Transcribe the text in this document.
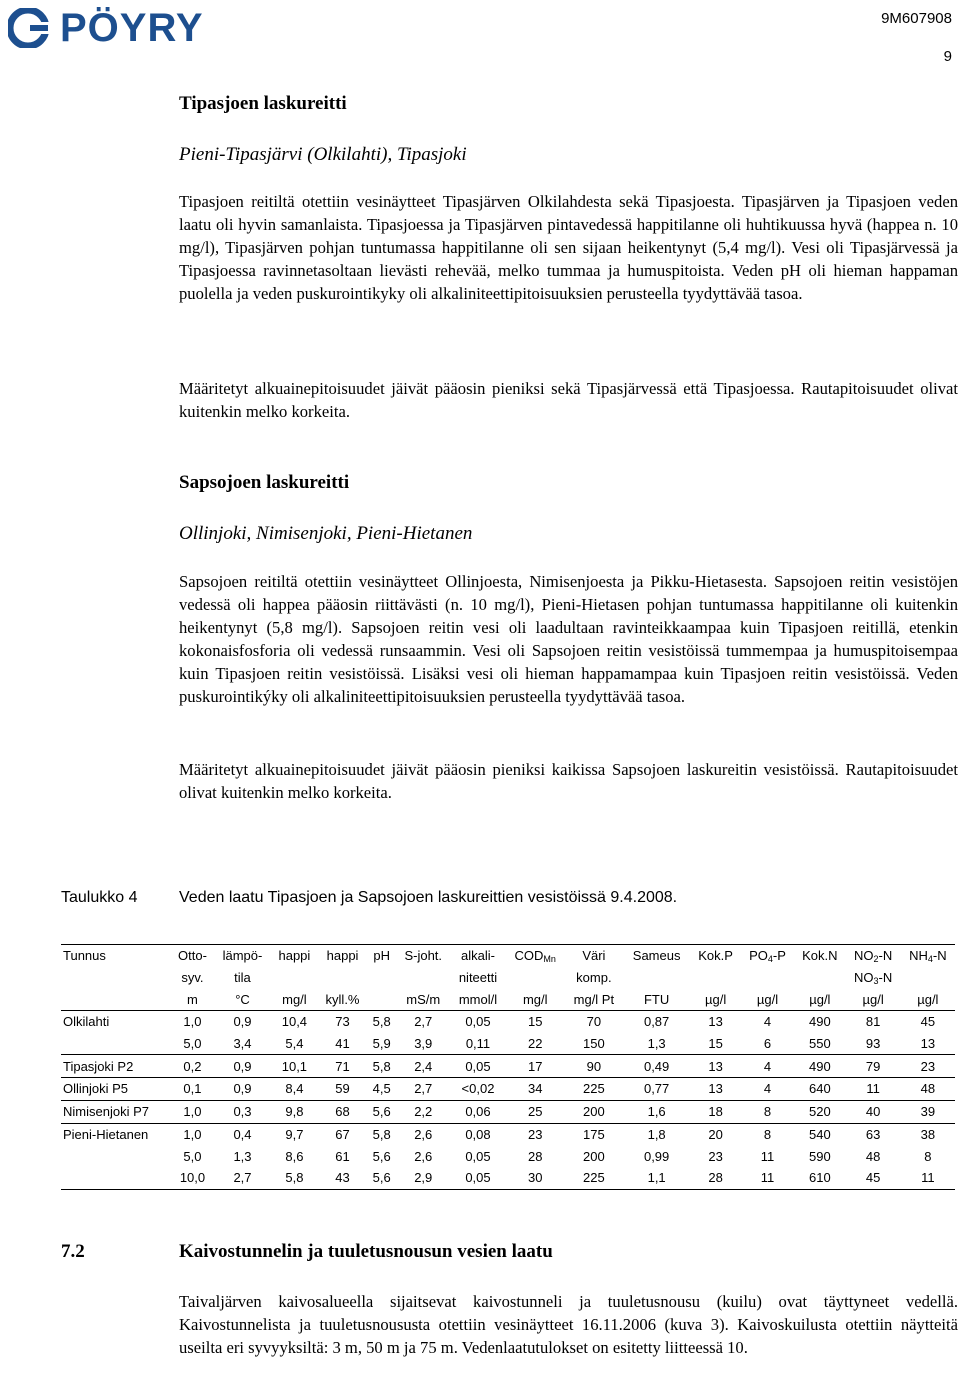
PÖYRY	9M607908
9
Tipasjoen laskureitti
Pieni-Tipasjärvi (Olkilahti), Tipasjoki

Tipasjoen reitiltä otettiin vesinäytteet Tipasjärven Olkilahdesta sekä Tipasjoesta. Tipasjärven ja Tipasjoen veden laatu oli hyvin samanlaista. Tipasjoessa ja Tipasjärven pintavedessä happitilanne oli huhtikuussa hyvä (happea n. 10 mg/l), Tipasjärven pohjan tuntumassa happitilanne oli sen sijaan heikentynyt (5,4 mg/l). Vesi oli Tipasjärvessä ja Tipasjoessa ravinnetasoltaan lievästi rehevää, melko tummaa ja humuspitoista. Veden pH oli hieman happaman puolella ja veden puskurointikyky oli alkaliniteettipitoisuuksien perusteella tyydyttävää tasoa.

Määritetyt alkuainepitoisuudet jäivät pääosin pieniksi sekä Tipasjärvessä että Tipasjoessa. Rautapitoisuudet olivat kuitenkin melko korkeita.

Sapsojoen laskureitti
Ollinjoki, Nimisenjoki, Pieni-Hietanen

Sapsojoen reitiltä otettiin vesinäytteet Ollinjoesta, Nimisenjoesta ja Pikku-Hietasesta. Sapsojoen reitin vesistöjen vedessä oli happea pääosin riittävästi (n. 10 mg/l), Pieni-Hietasen pohjan tuntumassa happitilanne oli kuitenkin heikentynyt (5,8 mg/l). Sapsojoen reitin vesi oli laadultaan ravinteikkaampaa kuin Tipasjoen reitillä, etenkin kokonaisfosforia oli vedessä runsaammin. Vesi oli Sapsojoen reitin vesistöissä tummempaa ja humuspitoisempaa kuin Tipasjoen reitin vesistöissä. Lisäksi vesi oli hieman happamampaa kuin Tipasjoen reitin vesistöissä. Veden puskurointikýky oli alkaliniteettipitoisuuksien perusteella tyydyttävää tasoa.

Määritetyt alkuainepitoisuudet jäivät pääosin pieniksi kaikissa Sapsojoen laskureitin vesistöissä. Rautapitoisuudet olivat kuitenkin melko korkeita.

Taulukko 4	Veden laatu Tipasjoen ja Sapsojoen laskureittien vesistöissä 9.4.2008.
Tunnus	Otto-	lämpö-	happi	happi	pH	S-joht.	alkali-	$COD_{Mn}$	Väri	Sameus	Kok.P	$PO_4-P$	Kok.N	$NO_2-N$	$NH_4-N$
	syv.	tila					niteetti		komp.					$NO_3-N$	
	m	°C	mg/l	kyll.%		mS/m	mmol/l	mg/l	mg/l Pt	FTU	µg/l	µg/l	µg/l	µg/l	µg/l
Olkilahti	1,0	0,9	10,4	73	5,8	2,7	0,05	15	70	0,87	13	4	490	81	45
	5,0	3,4	5,4	41	5,9	3,9	0,11	22	150	1,3	15	6	550	93	13
Tipasjoki P2	0,2	0,9	10,1	71	5,8	2,4	0,05	17	90	0,49	13	4	490	79	23
Ollinjoki P5	0,1	0,9	8,4	59	4,5	2,7	<0,02	34	225	0,77	13	4	640	11	48
Nimisenjoki P7	1,0	0,3	9,8	68	5,6	2,2	0,06	25	200	1,6	18	8	520	40	39
Pieni-Hietanen	1,0	0,4	9,7	67	5,8	2,6	0,08	23	175	1,8	20	8	540	63	38
	5,0	1,3	8,6	61	5,6	2,6	0,05	28	200	0,99	23	11	590	48	8
	10,0	2,7	5,8	43	5,6	2,9	0,05	30	225	1,1	28	11	610	45	11
7.2	Kaivostunnelin ja tuuletusnousun vesien laatu

Taivaljärven kaivosalueella sijaitsevat kaivostunneli ja tuuletusnousu (kuilu) ovat täyttyneet vedellä. Kaivostunnelista ja tuuletusnoususta otettiin vesinäytteet 16.11.2006 (kuva 3). Kaivoskuilusta otettiin näytteitä useilta eri syvyyksiltä: 3 m, 50 m ja 75 m. Vedenlaatutulokset on esitetty liitteessä 10.
